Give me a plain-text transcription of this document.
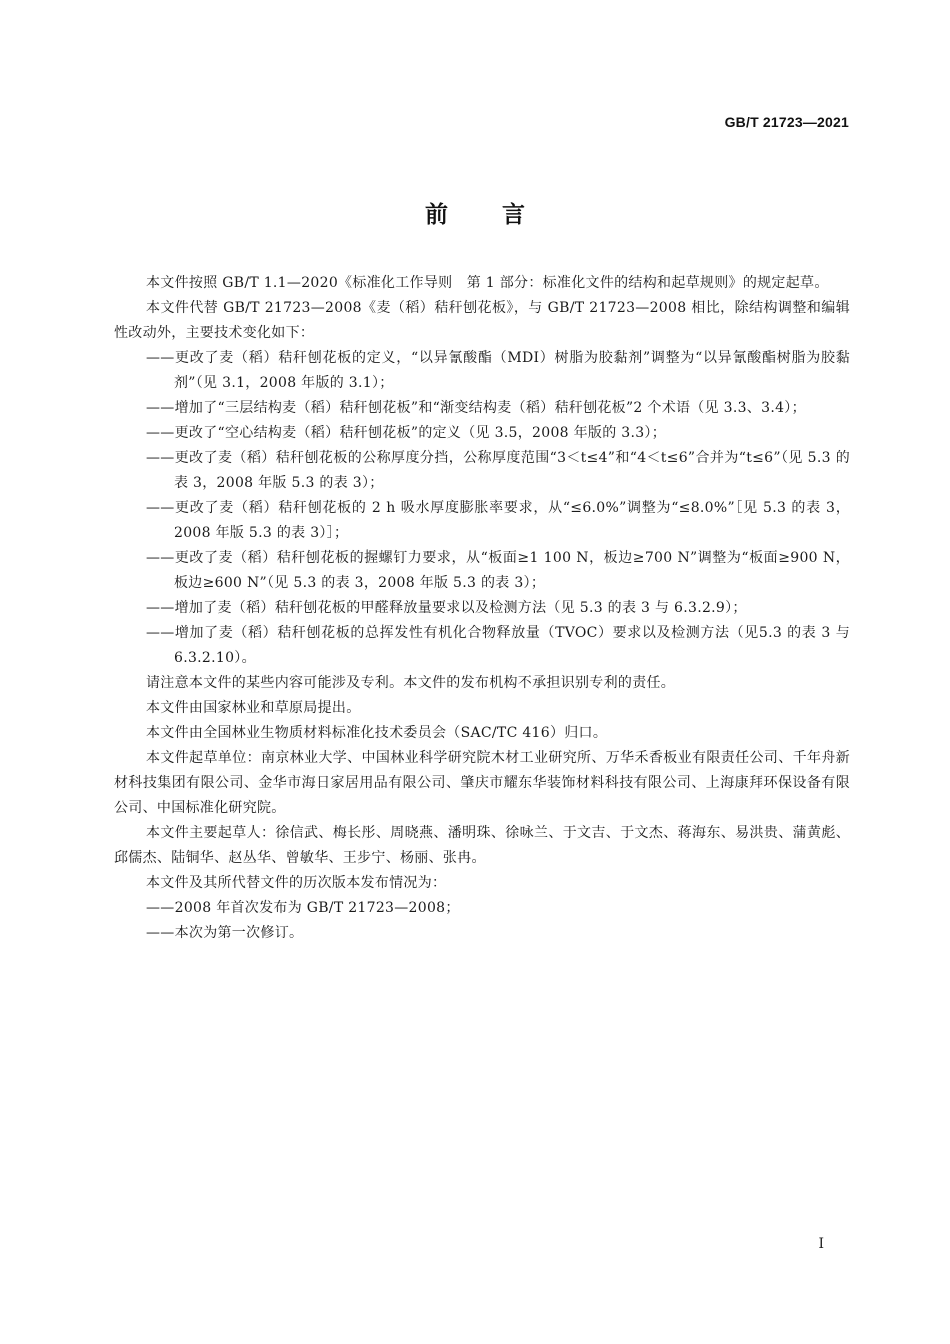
GB/T 21723—2021
前 言

本文件按照 GB/T 1.1—2020《标准化工作导则　第 1 部分：标准化文件的结构和起草规则》的规定起草。

本文件代替 GB/T 21723—2008《麦（稻）秸秆刨花板》，与 GB/T 21723—2008 相比，除结构调整和编辑性改动外，主要技术变化如下：

——更改了麦（稻）秸秆刨花板的定义，“以异氰酸酯（MDI）树脂为胶黏剂”调整为“以异氰酸酯树脂为胶黏剂”（见 3.1，2008 年版的 3.1）；

——增加了“三层结构麦（稻）秸秆刨花板”和“渐变结构麦（稻）秸秆刨花板”2 个术语（见 3.3、3.4）；

——更改了“空心结构麦（稻）秸秆刨花板”的定义（见 3.5，2008 年版的 3.3）；

——更改了麦（稻）秸秆刨花板的公称厚度分挡，公称厚度范围“3＜t≤4”和“4＜t≤6”合并为“t≤6”（见 5.3 的表 3，2008 年版 5.3 的表 3）；

——更改了麦（稻）秸秆刨花板的 2 h 吸水厚度膨胀率要求，从“≤6.0%”调整为“≤8.0%”［见 5.3 的表 3，2008 年版 5.3 的表 3）］；

——更改了麦（稻）秸秆刨花板的握螺钉力要求，从“板面≥1 100 N，板边≥700 N”调整为“板面≥900 N，板边≥600 N”（见 5.3 的表 3，2008 年版 5.3 的表 3）；

——增加了麦（稻）秸秆刨花板的甲醛释放量要求以及检测方法（见 5.3 的表 3 与 6.3.2.9）；

——增加了麦（稻）秸秆刨花板的总挥发性有机化合物释放量（TVOC）要求以及检测方法（见5.3 的表 3 与 6.3.2.10）。

请注意本文件的某些内容可能涉及专利。本文件的发布机构不承担识别专利的责任。

本文件由国家林业和草原局提出。

本文件由全国林业生物质材料标准化技术委员会（SAC/TC 416）归口。

本文件起草单位：南京林业大学、中国林业科学研究院木材工业研究所、万华禾香板业有限责任公司、千年舟新材科技集团有限公司、金华市海日家居用品有限公司、肇庆市耀东华装饰材料科技有限公司、上海康拜环保设备有限公司、中国标准化研究院。

本文件主要起草人：徐信武、梅长彤、周晓燕、潘明珠、徐咏兰、于文吉、于文杰、蒋海东、易洪贵、蒲黄彪、邱儒杰、陆铜华、赵丛华、曾敏华、王步宁、杨丽、张冉。

本文件及其所代替文件的历次版本发布情况为：

——2008 年首次发布为 GB/T 21723—2008；

——本次为第一次修订。

I
